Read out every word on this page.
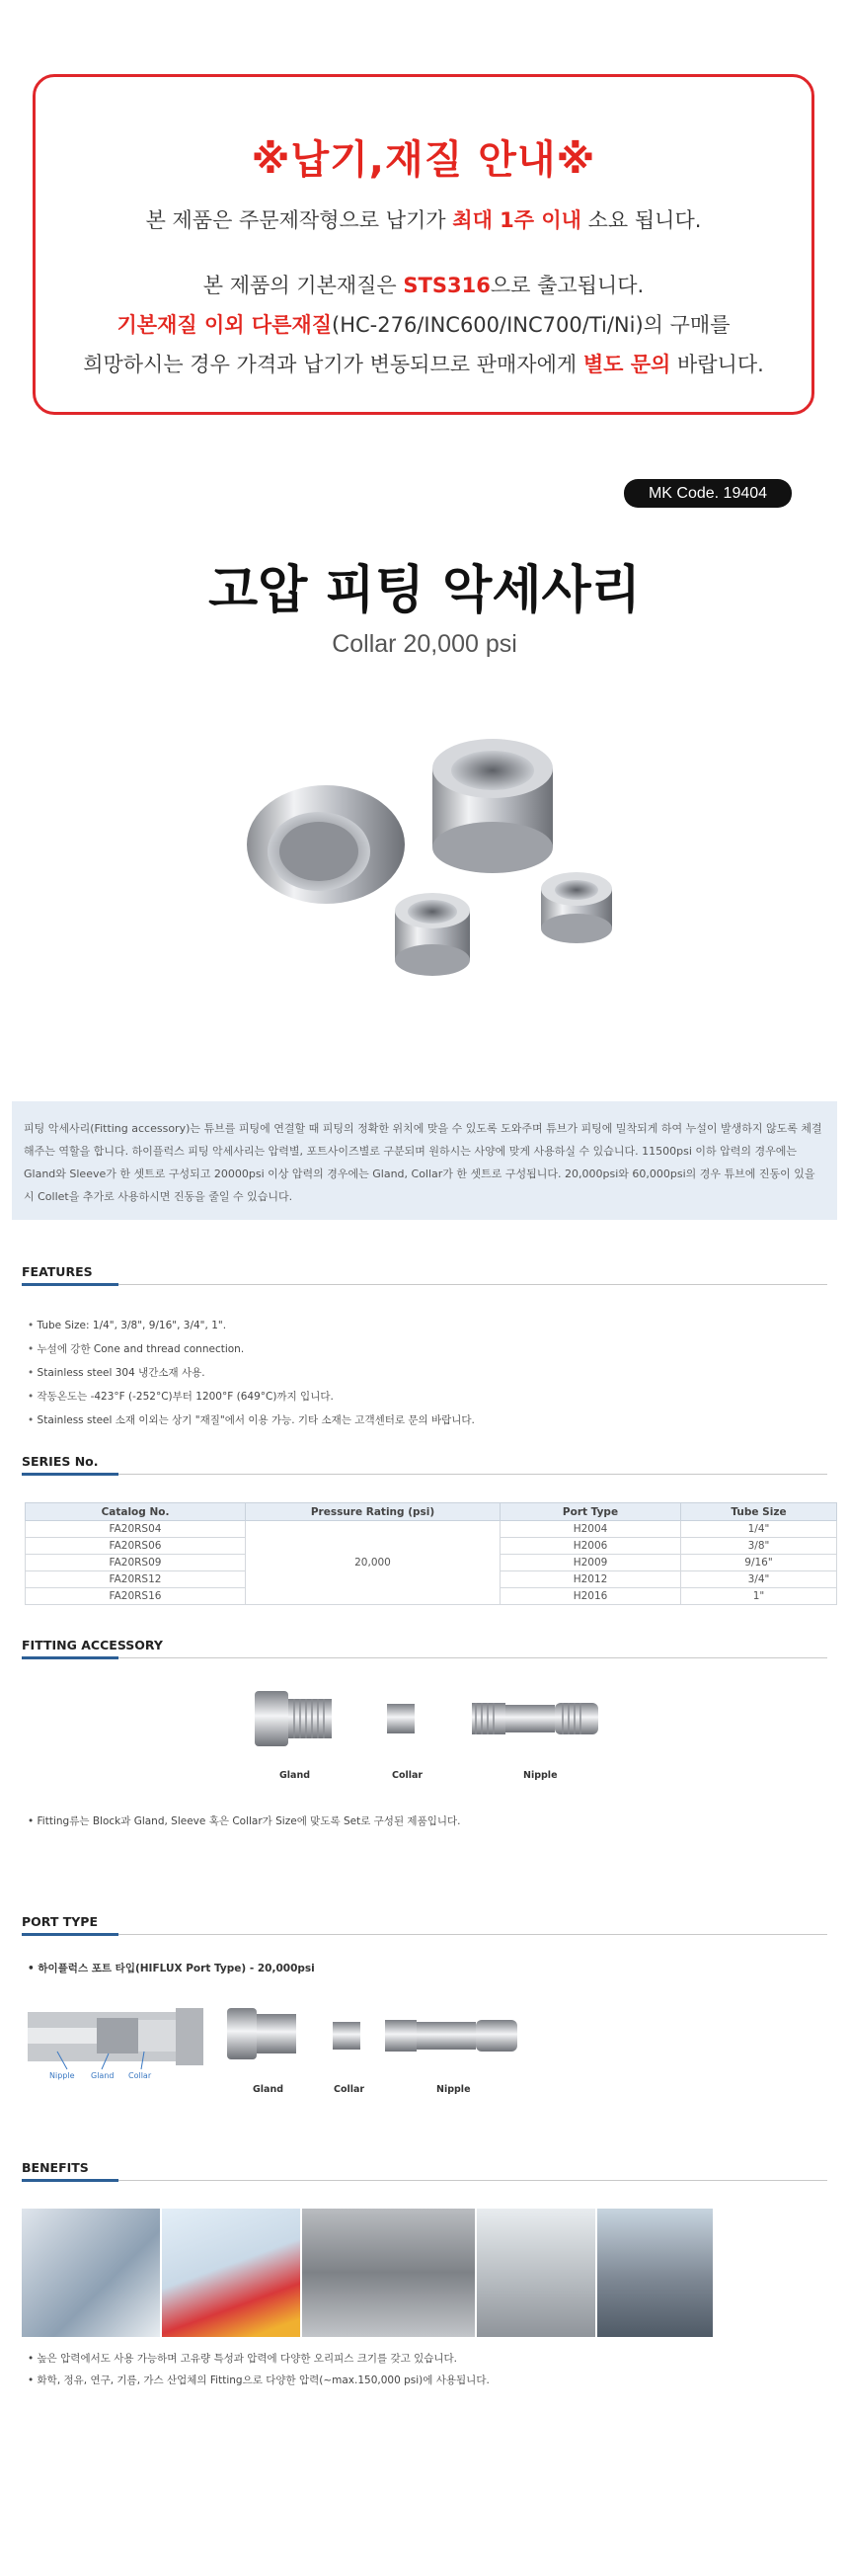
※납기,재질 안내※
본 제품은 주문제작형으로 납기가 최대 1주 이내 소요 됩니다.
본 제품의 기본재질은 STS316으로 출고됩니다.
기본재질 이외 다른재질(HC-276/INC600/INC700/Ti/Ni)의 구매를
희망하시는 경우 가격과 납기가 변동되므로 판매자에게 별도 문의 바랍니다.
MK Code. 19404
고압 피팅 악세사리
Collar 20,000 psi
피팅 악세사리(Fitting accessory)는 튜브를 피팅에 연결할 때 피팅의 정확한 위치에 맞을 수 있도록 도와주며 튜브가 피팅에 밀착되게 하여 누설이 발생하지 않도록 체결해주는 역할을 합니다. 하이플럭스 피팅 악세사리는 압력별, 포트사이즈별로 구분되며 원하시는 사양에 맞게 사용하실 수 있습니다. 11500psi 이하 압력의 경우에는 Gland와 Sleeve가 한 셋트로 구성되고 20000psi 이상 압력의 경우에는 Gland, Collar가 한 셋트로 구성됩니다. 20,000psi와 60,000psi의 경우 튜브에 진동이 있을 시 Collet을 추가로 사용하시면 진동을 줄일 수 있습니다.
FEATURES
• Tube Size: 1/4", 3/8", 9/16", 3/4", 1".
• 누설에 강한 Cone and thread connection.
• Stainless steel 304 냉간소재 사용.
• 작동온도는 -423°F (-252°C)부터 1200°F (649°C)까지 입니다.
• Stainless steel 소재 이외는 상기 "재질"에서 이용 가능. 기타 소재는 고객센터로 문의 바랍니다.
SERIES No.
Catalog No.	Pressure Rating (psi)	Port Type	Tube Size
FA20RS04	20,000	H2004	1/4"
FA20RS06		H2006	3/8"
FA20RS09		H2009	9/16"
FA20RS12		H2012	3/4"
FA20RS16		H2016	1"
FITTING ACCESSORY
Gland	Collar	Nipple
• Fitting류는 Block과 Gland, Sleeve 혹은 Collar가 Size에 맞도록 Set로 구성된 제품입니다.
PORT TYPE
• 하이플럭스 포트 타입(HIFLUX Port Type) - 20,000psi
Nipple Gland Collar
Gland	Collar	Nipple
BENEFITS
• 높은 압력에서도 사용 가능하며 고유량 특성과 압력에 다양한 오리피스 크기를 갖고 있습니다.
• 화학, 정유, 연구, 기름, 가스 산업체의 Fitting으로 다양한 압력(~max.150,000 psi)에 사용됩니다.
